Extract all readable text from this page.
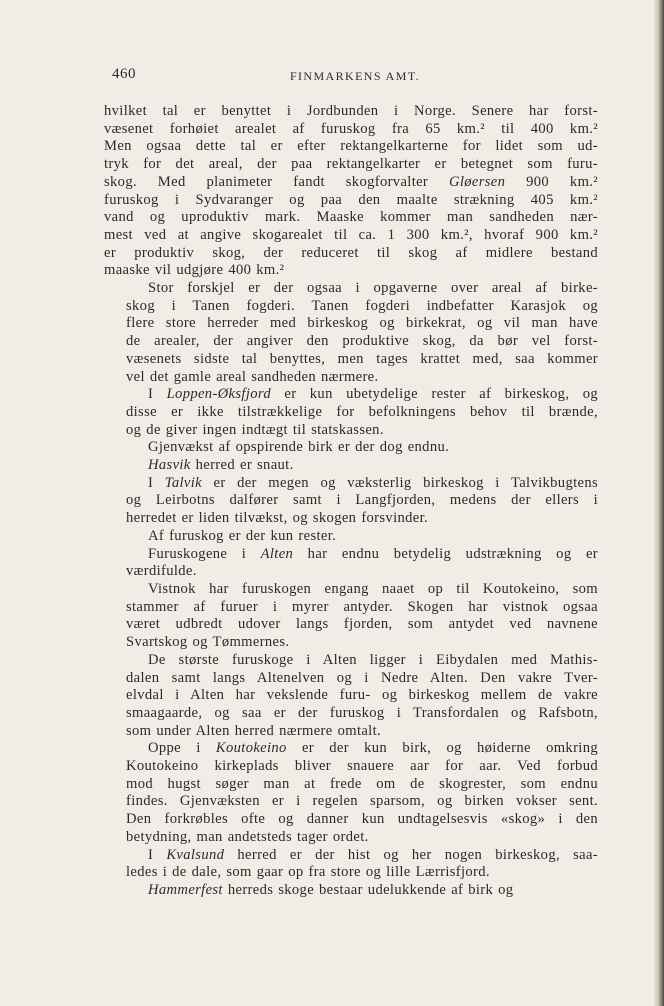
460	FINMARKENS AMT.
hvilket tal er benyttet i Jordbunden i Norge. Senere har forst-
væsenet forhøiet arealet af furuskog fra 65 km.² til 400 km.²
Men ogsaa dette tal er efter rektangelkarterne for lidet som ud-
tryk for det areal, der paa rektangelkarter er betegnet som furu-
skog. Med planimeter fandt skogforvalter Gløersen 900 km.²
furuskog i Sydvaranger og paa den maalte strækning 405 km.²
vand og uproduktiv mark. Maaske kommer man sandheden nær-
mest ved at angive skogarealet til ca. 1 300 km.², hvoraf 900 km.²
er produktiv skog, der reduceret til skog af midlere bestand
maaske vil udgjøre 400 km.²
Stor forskjel er der ogsaa i opgaverne over areal af birke-
skog i Tanen fogderi. Tanen fogderi indbefatter Karasjok og
flere store herreder med birkeskog og birkekrat, og vil man have
de arealer, der angiver den produktive skog, da bør vel forst-
væsenets sidste tal benyttes, men tages krattet med, saa kommer
vel det gamle areal sandheden nærmere.
I Loppen-Øksfjord er kun ubetydelige rester af birkeskog, og
disse er ikke tilstrækkelige for befolkningens behov til brænde,
og de giver ingen indtægt til statskassen.
Gjenvækst af opspirende birk er der dog endnu.
Hasvik herred er snaut.
I Talvik er der megen og væksterlig birkeskog i Talvikbugtens
og Leirbotns dalfører samt i Langfjorden, medens der ellers i
herredet er liden tilvækst, og skogen forsvinder.
Af furuskog er der kun rester.
Furuskogene i Alten har endnu betydelig udstrækning og er
værdifulde.
Vistnok har furuskogen engang naaet op til Koutokeino, som
stammer af furuer i myrer antyder. Skogen har vistnok ogsaa
været udbredt udover langs fjorden, som antydet ved navnene
Svartskog og Tømmernes.
De største furuskoge i Alten ligger i Eibydalen med Mathis-
dalen samt langs Altenelven og i Nedre Alten. Den vakre Tver-
elvdal i Alten har vekslende furu- og birkeskog mellem de vakre
smaagaarde, og saa er der furuskog i Transfordalen og Rafsbotn,
som under Alten herred nærmere omtalt.
Oppe i Koutokeino er der kun birk, og høiderne omkring
Koutokeino kirkeplads bliver snauere aar for aar. Ved forbud
mod hugst søger man at frede om de skogrester, som endnu
findes. Gjenvæksten er i regelen sparsom, og birken vokser sent.
Den forkrøbles ofte og danner kun undtagelsesvis «skog» i den
betydning, man andetsteds tager ordet.
I Kvalsund herred er der hist og her nogen birkeskog, saa-
ledes i de dale, som gaar op fra store og lille Lærrisfjord.
Hammerfest herreds skoge bestaar udelukkende af birk og
